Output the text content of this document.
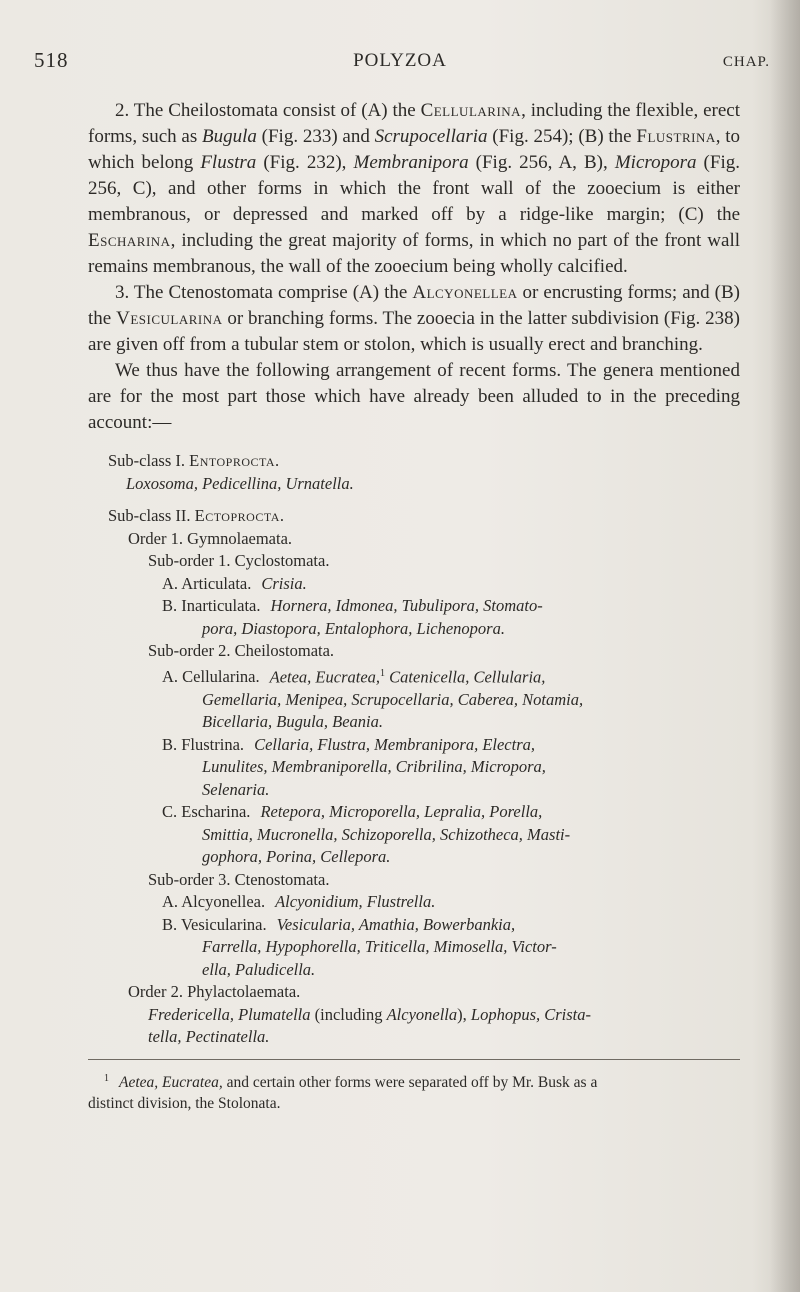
518	POLYZOA	CHAP.

2. The Cheilostomata consist of (A) the Cellularina, including the flexible, erect forms, such as Bugula (Fig. 233) and Scrupocellaria (Fig. 254); (B) the Flustrina, to which belong Flustra (Fig. 232), Membranipora (Fig. 256, A, B), Micropora (Fig. 256, C), and other forms in which the front wall of the zooecium is either membranous, or depressed and marked off by a ridge-like margin; (C) the Escharina, including the great majority of forms, in which no part of the front wall remains membranous, the wall of the zooecium being wholly calcified.

3. The Ctenostomata comprise (A) the Alcyonellea or encrusting forms; and (B) the Vesicularina or branching forms. The zooecia in the latter subdivision (Fig. 238) are given off from a tubular stem or stolon, which is usually erect and branching.

We thus have the following arrangement of recent forms. The genera mentioned are for the most part those which have already been alluded to in the preceding account:—

Sub-class I. Entoprocta.
Loxosoma, Pedicellina, Urnatella.
Sub-class II. Ectoprocta.
Order 1. Gymnolaemata.
Sub-order 1. Cyclostomata.
A. Articulata. Crisia.
B. Inarticulata. Hornera, Idmonea, Tubulipora, Stomato-
pora, Diastopora, Entalophora, Lichenopora.
Sub-order 2. Cheilostomata.
A. Cellularina. Aetea, Eucratea,$^1$ Catenicella, Cellularia,
Gemellaria, Menipea, Scrupocellaria, Caberea, Notamia,
Bicellaria, Bugula, Beania.
B. Flustrina. Cellaria, Flustra, Membranipora, Electra,
Lunulites, Membraniporella, Cribrilina, Micropora,
Selenaria.
C. Escharina. Retepora, Microporella, Lepralia, Porella,
Smittia, Mucronella, Schizoporella, Schizotheca, Masti-
gophora, Porina, Cellepora.
Sub-order 3. Ctenostomata.
A. Alcyonellea. Alcyonidium, Flustrella.
B. Vesicularina. Vesicularia, Amathia, Bowerbankia,
Farrella, Hypophorella, Triticella, Mimosella, Victor-
ella, Paludicella.
Order 2. Phylactolaemata.
Fredericella, Plumatella (including Alcyonella), Lophopus, Crista-
tella, Pectinatella.
$^1$ Aetea, Eucratea, and certain other forms were separated off by Mr. Busk as a
distinct division, the Stolonata.
